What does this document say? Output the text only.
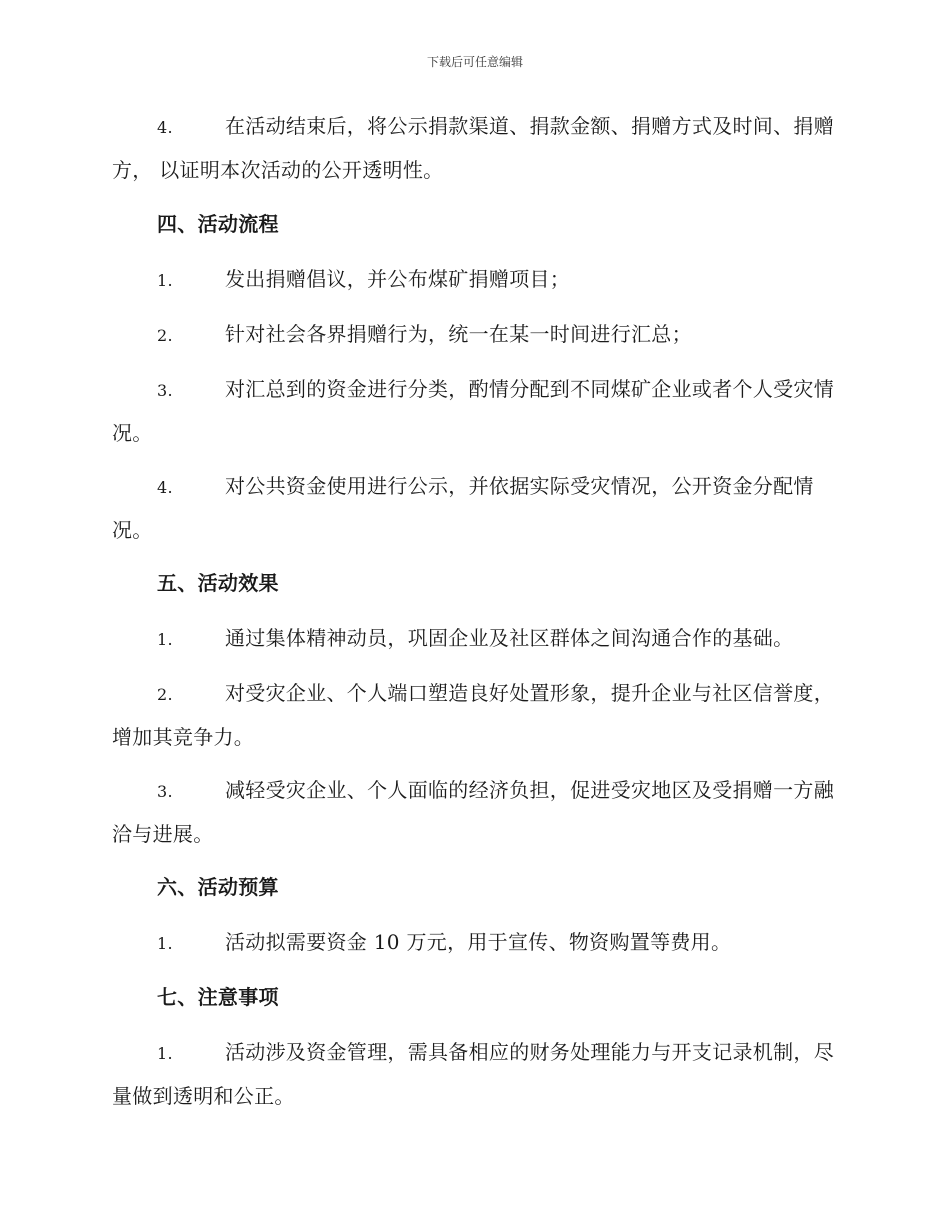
下载后可任意编辑
4.	在活动结束后，将公示捐款渠道、捐款金额、捐赠方式及时间、捐赠方， 以证明本次活动的公开透明性。
四、活动流程
1.	发出捐赠倡议，并公布煤矿捐赠项目；
2.	针对社会各界捐赠行为，统一在某一时间进行汇总；
3.	对汇总到的资金进行分类，酌情分配到不同煤矿企业或者个人受灾情况。
4.	对公共资金使用进行公示，并依据实际受灾情况，公开资金分配情况。
五、活动效果
1.	通过集体精神动员，巩固企业及社区群体之间沟通合作的基础。
2.	对受灾企业、个人端口塑造良好处置形象，提升企业与社区信誉度，增加其竞争力。
3.	减轻受灾企业、个人面临的经济负担，促进受灾地区及受捐赠一方融洽与进展。
六、活动预算
1.	活动拟需要资金 10 万元，用于宣传、物资购置等费用。
七、注意事项
1.	活动涉及资金管理，需具备相应的财务处理能力与开支记录机制，尽量做到透明和公正。
